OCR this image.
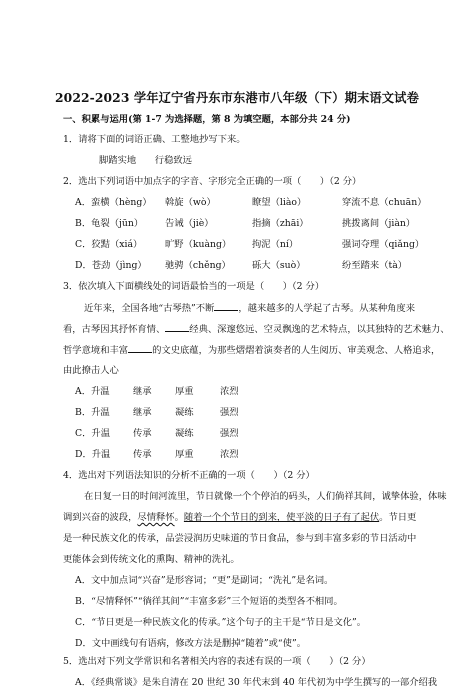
2022-2023 学年辽宁省丹东市东港市八年级（下）期末语文试卷
一、积累与运用(第 1-7 为选择题，第 8 为填空题，本部分共 24 分)
1．请将下面的词语正确、工整地抄写下来。
脚踏实地　　行稳致远
2．选出下列词语中加点字的字音、字形完全正确的一项（　　）（2 分）
A．蛮横（hèng） 斡旋（wò）	瞭望（liào）	穿流不息（chuān）
B．龟裂（jūn） 告诫（jiè）	指摘（zhāi）	挑拨离间（jiàn）
C．狡黠（xiá） 旷野（kuàng） 拘泥（ní）	强词夺理（qiǎng）
D．苍劲（jìng） 驰骋（chěng） 砾大（suò）	纷至踏来（tà）
3．依次填入下面横线处的词语最恰当的一项是（　　）（2 分）
近年来，全国各地“古琴热”不断	，越来越多的人学起了古琴。从某种角度来
看，古琴因其抒怀育情、	经典、深邃悠远、空灵飘逸的艺术特点，以其独特的艺术魅力、
哲学意境和丰富	的文史底蕴，为那些熠熠着演奏者的人生阅历、审美观念、人格追求，
由此撩击人心
A．升温	继承	厚重	浓烈
B．升温	继承	凝练	强烈
C．升温 传承	凝练	强烈
D．升温 传承	厚重	浓烈
4．选出对下列语法知识的分析不正确的一项（　　）（2 分）
在日复一日的时间河流里，节日就像一个个停泊的码头，人们倘祥其间，诚挚体验，体味
调到兴奋的波段，尽情释怀。随着一个个节日的到来，使平淡的日子有了起伏。节日更
是一种民族文化的传承，品尝浸润历史味道的节日食品，参与到丰富多彩的节日活动中
更能体会到传统文化的熏陶、精神的洗礼。
A．文中加点词“兴奋”是形容词；“更”是副词；“洗礼”是名词。
B．“尽情释怀”“徜徉其间”“丰富多彩”三个短语的类型各不相同。
C．“节日更是一种民族文化的传承。”这个句子的主干是“节日是文化”。
D．文中画线句有语病，修改方法是删掉“随着”或“使”。
5．选出对下列文学常识和名著相关内容的表述有误的一项（　　）（2 分）
A．《经典常谈》是朱自清在 20 世纪 30 年代末到 40 年代初为中学生撰写的一部介绍我
